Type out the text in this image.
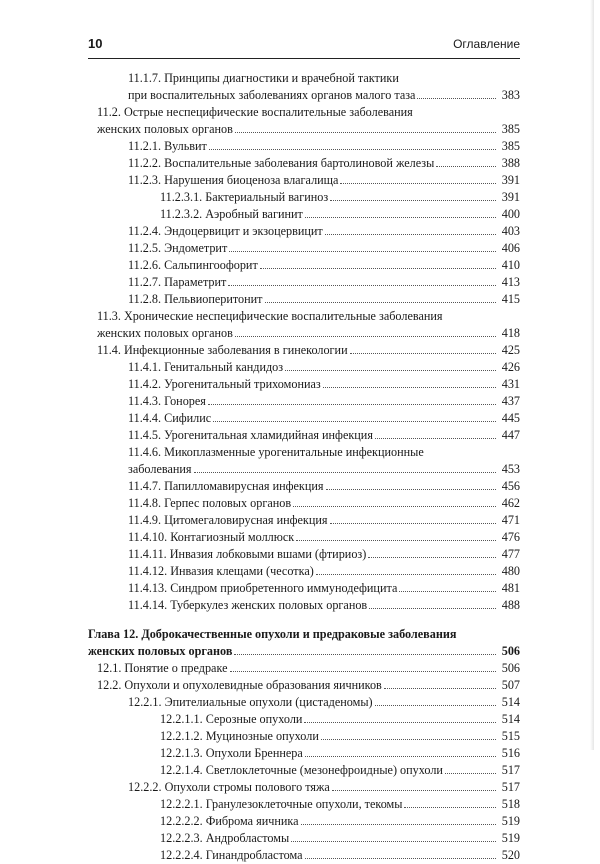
10	Оглавление
11.1.7. Принципы диагностики и врачебной тактики
при воспалительных заболеваниях органов малого таза	383
11.2. Острые неспецифические воспалительные заболевания
женских половых органов	385
11.2.1. Вульвит	385
11.2.2. Воспалительные заболевания бартолиновой железы	388
11.2.3. Нарушения биоценоза влагалища	391
11.2.3.1. Бактериальный вагиноз	391
11.2.3.2. Аэробный вагинит	400
11.2.4. Эндоцервицит и экзоцервицит	403
11.2.5. Эндометрит	406
11.2.6. Сальпингоофорит	410
11.2.7. Параметрит	413
11.2.8. Пельвиоперитонит	415
11.3. Хронические неспецифические воспалительные заболевания
женских половых органов	418
11.4. Инфекционные заболевания в гинекологии	425
11.4.1. Генитальный кандидоз	426
11.4.2. Урогенитальный трихомониаз	431
11.4.3. Гонорея	437
11.4.4. Сифилис	445
11.4.5. Урогенитальная хламидийная инфекция	447
11.4.6. Микоплазменные урогенитальные инфекционные
заболевания	453
11.4.7. Папилломавирусная инфекция	456
11.4.8. Герпес половых органов	462
11.4.9. Цитомегаловирусная инфекция	471
11.4.10. Контагиозный моллюск	476
11.4.11. Инвазия лобковыми вшами (фтириоз)	477
11.4.12. Инвазия клещами (чесотка)	480
11.4.13. Синдром приобретенного иммунодефицита	481
11.4.14. Туберкулез женских половых органов	488
Глава 12. Доброкачественные опухоли и предраковые заболевания
женских половых органов	506
12.1. Понятие о предраке	506
12.2. Опухоли и опухолевидные образования яичников	507
12.2.1. Эпителиальные опухоли (цистаденомы)	514
12.2.1.1. Серозные опухоли	514
12.2.1.2. Муцинозные опухоли	515
12.2.1.3. Опухоли Бреннера	516
12.2.1.4. Светлоклеточные (мезонефроидные) опухоли	517
12.2.2. Опухоли стромы полового тяжа	517
12.2.2.1. Гранулезоклеточные опухоли, текомы	518
12.2.2.2. Фиброма яичника	519
12.2.2.3. Андробластомы	519
12.2.2.4. Гинандробластома	520
